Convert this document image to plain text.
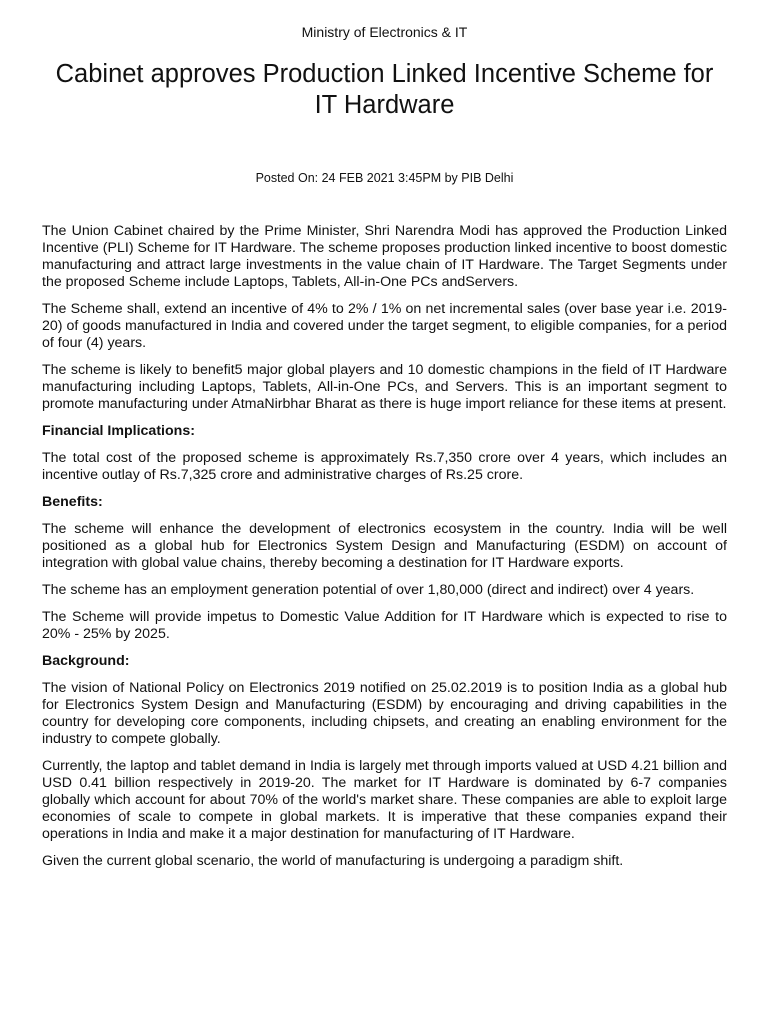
Ministry of Electronics & IT
Cabinet approves Production Linked Incentive Scheme for IT Hardware
Posted On: 24 FEB 2021 3:45PM by PIB Delhi

The Union Cabinet chaired by the Prime Minister, Shri Narendra Modi has approved the Production Linked Incentive (PLI) Scheme for IT Hardware. The scheme proposes production linked incentive to boost domestic manufacturing and attract large investments in the value chain of IT Hardware. The Target Segments under the proposed Scheme include Laptops, Tablets, All-in-One PCs andServers.

The Scheme shall, extend an incentive of 4% to 2% / 1% on net incremental sales (over base year i.e. 2019-20) of goods manufactured in India and covered under the target segment, to eligible companies, for a period of four (4) years.

The scheme is likely to benefit5 major global players and 10 domestic champions in the field of IT Hardware manufacturing including Laptops, Tablets, All-in-One PCs, and Servers. This is an important segment to promote manufacturing under AtmaNirbhar Bharat as there is huge import reliance for these items at present.

Financial Implications:

The total cost of the proposed scheme is approximately Rs.7,350 crore over 4 years, which includes an incentive outlay of Rs.7,325 crore and administrative charges of Rs.25 crore.

Benefits:

The scheme will enhance the development of electronics ecosystem in the country. India will be well positioned as a global hub for Electronics System Design and Manufacturing (ESDM) on account of integration with global value chains, thereby becoming a destination for IT Hardware exports.

The scheme has an employment generation potential of over 1,80,000 (direct and indirect) over 4 years.

The Scheme will provide impetus to Domestic Value Addition for IT Hardware which is expected to rise to 20% - 25% by 2025.

Background:

The vision of National Policy on Electronics 2019 notified on 25.02.2019 is to position India as a global hub for Electronics System Design and Manufacturing (ESDM) by encouraging and driving capabilities in the country for developing core components, including chipsets, and creating an enabling environment for the industry to compete globally.

Currently, the laptop and tablet demand in India is largely met through imports valued at USD 4.21 billion and USD 0.41 billion respectively in 2019-20. The market for IT Hardware is dominated by 6-7 companies globally which account for about 70% of the world's market share. These companies are able to exploit large economies of scale to compete in global markets. It is imperative that these companies expand their operations in India and make it a major destination for manufacturing of IT Hardware.

Given the current global scenario, the world of manufacturing is undergoing a paradigm shift.
